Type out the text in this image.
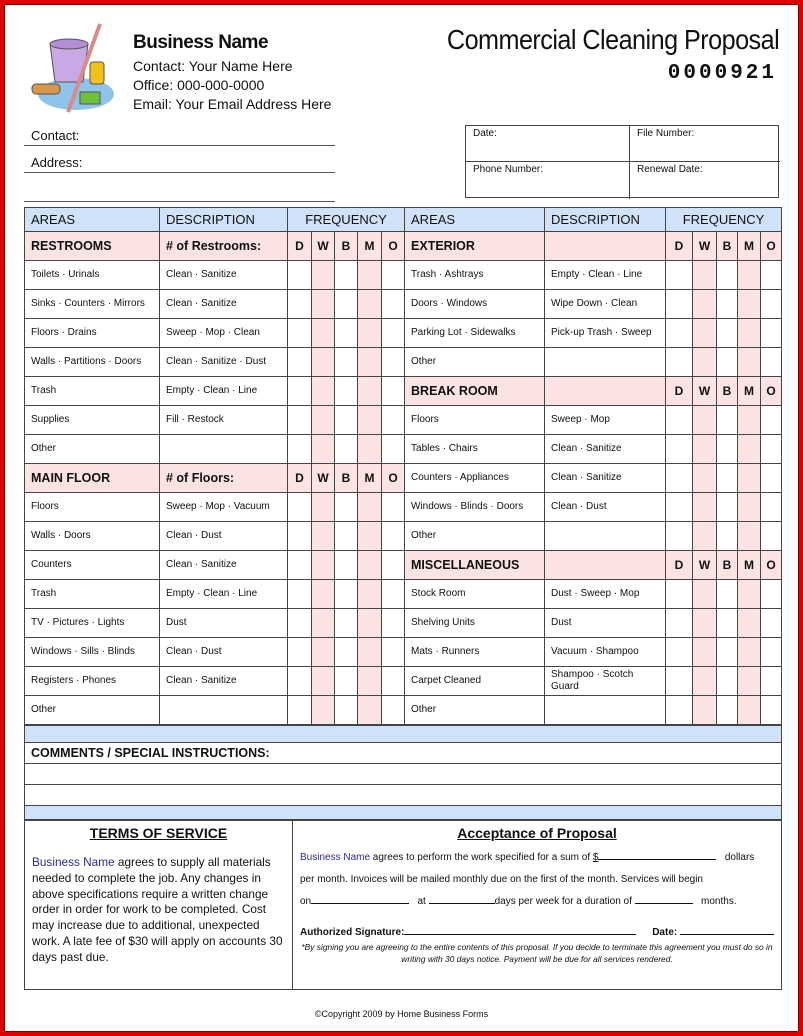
Business Name
Contact: Your Name Here
Office: 000-000-0000
Email: Your Email Address Here
Commercial Cleaning Proposal
0000921
Contact:
Address:
Date:	File Number:
Phone Number:	Renewal Date:
AREAS	DESCRIPTION	FREQUENCY					AREAS	DESCRIPTION	FREQUENCY				
RESTROOMS	# of Restrooms:	D	W	B	M	O	EXTERIOR		D	W	B	M	O
Toilets · Urinals	Clean · Sanitize						Trash · Ashtrays	Empty · Clean · Line					
Sinks · Counters · Mirrors	Clean · Sanitize						Doors · Windows	Wipe Down · Clean					
Floors · Drains	Sweep · Mop · Clean						Parking Lot · Sidewalks	Pick-up Trash · Sweep					
Walls · Partitions · Doors	Clean · Sanitize · Dust						Other						
Trash	Empty · Clean · Line						BREAK ROOM		D	W	B	M	O
Supplies	Fill · Restock						Floors	Sweep · Mop					
Other							Tables · Chairs	Clean · Sanitize					
MAIN FLOOR	# of Floors:	D	W	B	M	O	Counters · Appliances	Clean · Sanitize					
Floors	Sweep · Mop · Vacuum						Windows · Blinds · Doors	Clean · Dust					
Walls · Doors	Clean · Dust						Other						
Counters	Clean · Sanitize						MISCELLANEOUS		D	W	B	M	O
Trash	Empty · Clean · Line						Stock Room	Dust · Sweep · Mop					
TV · Pictures · Lights	Dust						Shelving Units	Dust					
Windows · Sills · Blinds	Clean · Dust						Mats · Runners	Vacuum · Shampoo					
Registers · Phones	Clean · Sanitize						Carpet Cleaned	Shampoo · Scotch Guard					
Other							Other						
COMMENTS / SPECIAL INSTRUCTIONS:
TERMS OF SERVICE
Business Name agrees to supply all materials needed to complete the job. Any changes in above specifications require a written change order in order for work to be completed. Cost may increase due to additional, unexpected work. A late fee of $30 will apply on accounts 30 days past due.
Acceptance of Proposal
Business Name agrees to perform the work specified for a sum of $	dollars
per month. Invoices will be mailed monthly due on the first of the month. Services will begin
on	at	days per week for a duration of	months.
Authorized Signature:	Date:
*By signing you are agreeing to the entire contents of this proposal. If you decide to terminate this agreement you must do so in writing with 30 days notice. Payment will be due for all services rendered.
©Copyright 2009 by Home Business Forms
